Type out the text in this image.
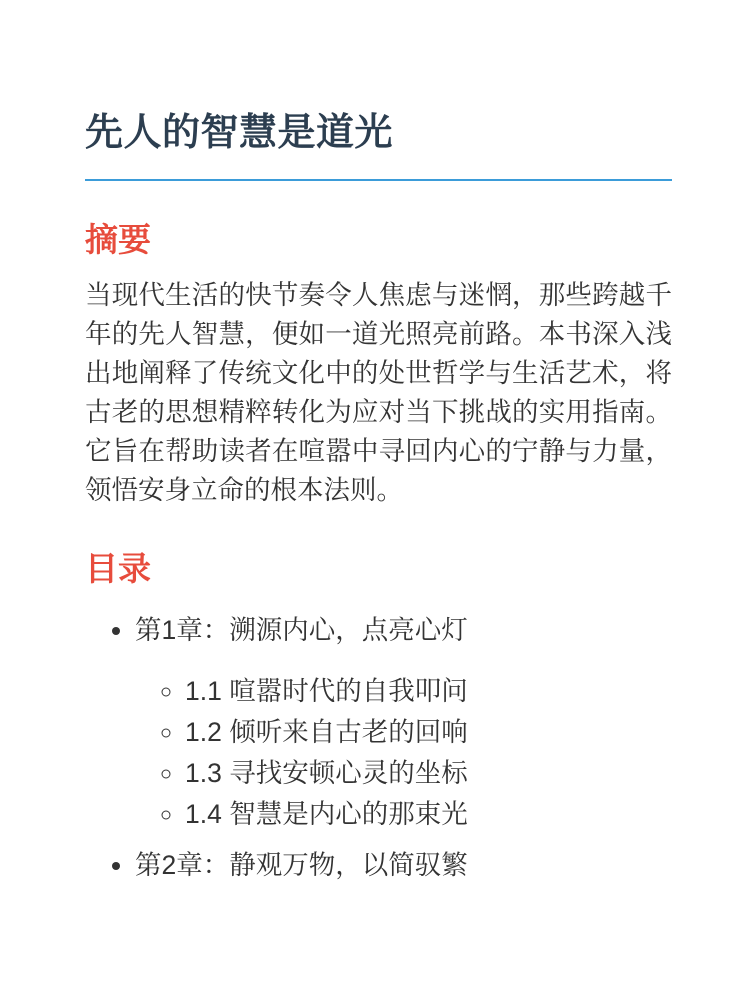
先人的智慧是道光
摘要

当现代生活的快节奏令人焦虑与迷惘，那些跨越千年的先人智慧，便如一道光照亮前路。本书深入浅出地阐释了传统文化中的处世哲学与生活艺术，将古老的思想精粹转化为应对当下挑战的实用指南。它旨在帮助读者在喧嚣中寻回内心的宁静与力量，领悟安身立命的根本法则。

目录
• 第1章：溯源内心，点亮心灯
◦ 1.1 喧嚣时代的自我叩问
◦ 1.2 倾听来自古老的回响
◦ 1.3 寻找安顿心灵的坐标
◦ 1.4 智慧是内心的那束光
• 第2章：静观万物，以简驭繁
